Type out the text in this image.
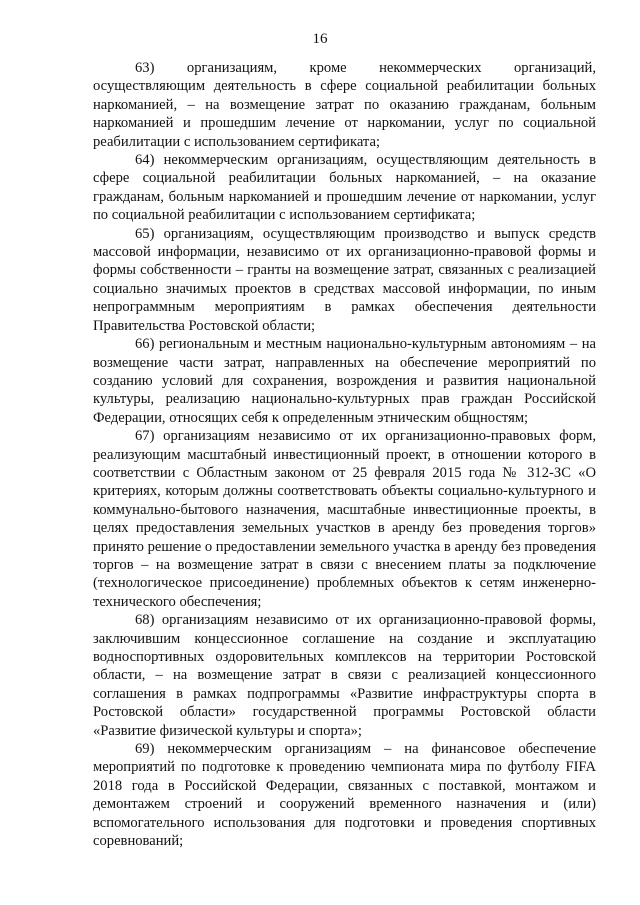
16

63) организациям, кроме некоммерческих организаций, осуществляющим деятельность в сфере социальной реабилитации больных наркоманией, – на возмещение затрат по оказанию гражданам, больным наркоманией и прошедшим лечение от наркомании, услуг по социальной реабилитации с использованием сертификата;

64) некоммерческим организациям, осуществляющим деятельность в сфере социальной реабилитации больных наркоманией, – на оказание гражданам, больным наркоманией и прошедшим лечение от наркомании, услуг по социальной реабилитации с использованием сертификата;

65) организациям, осуществляющим производство и выпуск средств массовой информации, независимо от их организационно-правовой формы и формы собственности – гранты на возмещение затрат, связанных с реализацией социально значимых проектов в средствах массовой информации, по иным непрограммным мероприятиям в рамках обеспечения деятельности Правительства Ростовской области;

66) региональным и местным национально-культурным автономиям – на возмещение части затрат, направленных на обеспечение мероприятий по созданию условий для сохранения, возрождения и развития национальной культуры, реализацию национально-культурных прав граждан Российской Федерации, относящих себя к определенным этническим общностям;

67) организациям независимо от их организационно-правовых форм, реализующим масштабный инвестиционный проект, в отношении которого в соответствии с Областным законом от 25 февраля 2015 года № 312-ЗС «О критериях, которым должны соответствовать объекты социально-культурного и коммунально-бытового назначения, масштабные инвестиционные проекты, в целях предоставления земельных участков в аренду без проведения торгов» принято решение о предоставлении земельного участка в аренду без проведения торгов – на возмещение затрат в связи с внесением платы за подключение (технологическое присоединение) проблемных объектов к сетям инженерно-технического обеспечения;

68) организациям независимо от их организационно-правовой формы, заключившим концессионное соглашение на создание и эксплуатацию водноспортивных оздоровительных комплексов на территории Ростовской области, – на возмещение затрат в связи с реализацией концессионного соглашения в рамках подпрограммы «Развитие инфраструктуры спорта в Ростовской области» государственной программы Ростовской области «Развитие физической культуры и спорта»;

69) некоммерческим организациям – на финансовое обеспечение мероприятий по подготовке к проведению чемпионата мира по футболу FIFA 2018 года в Российской Федерации, связанных с поставкой, монтажом и демонтажем строений и сооружений временного назначения и (или) вспомогательного использования для подготовки и проведения спортивных соревнований;
